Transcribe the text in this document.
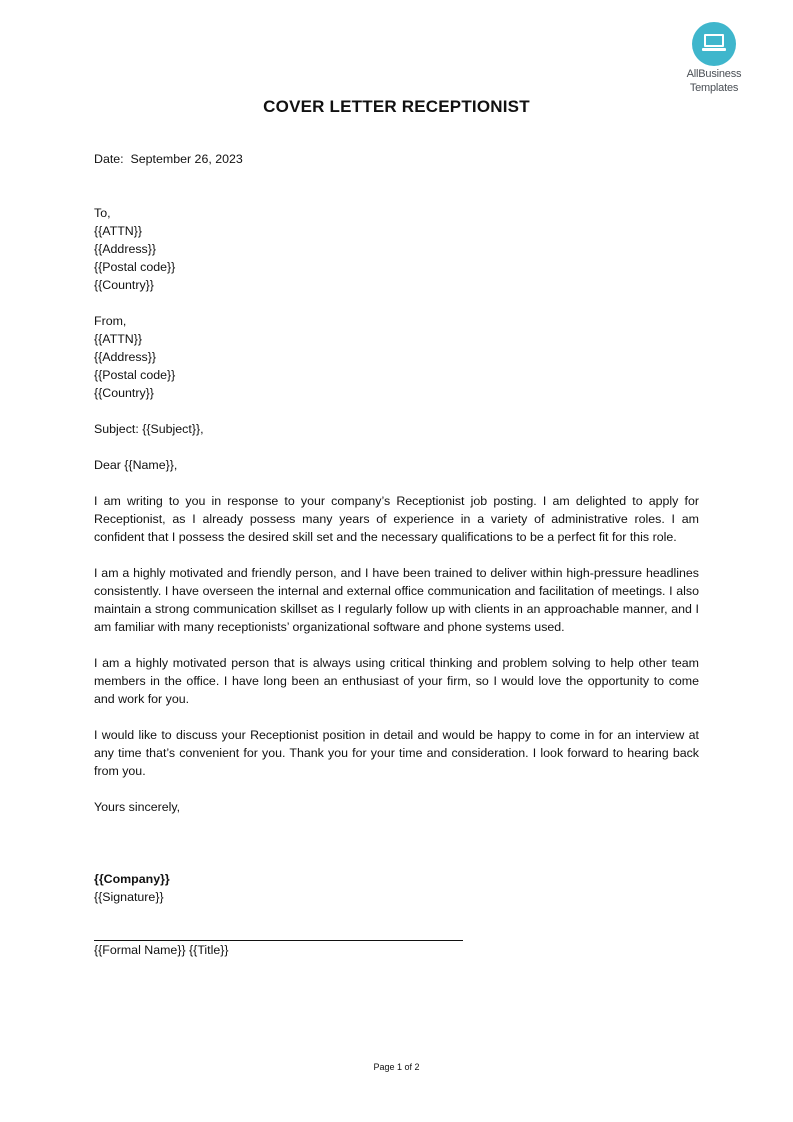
AllBusiness
Templates
COVER LETTER RECEPTIONIST
Date:  September 26, 2023
To,
{{ATTN}}
{{Address}}
{{Postal code}}
{{Country}}
From,
{{ATTN}}
{{Address}}
{{Postal code}}
{{Country}}
Subject: {{Subject}},
Dear {{Name}},
I am writing to you in response to your company’s Receptionist job posting. I am delighted to apply for Receptionist, as I already possess many years of experience in a variety of administrative roles. I am confident that I possess the desired skill set and the necessary qualifications to be a perfect fit for this role.
I am a highly motivated and friendly person, and I have been trained to deliver within high-pressure headlines consistently. I have overseen the internal and external office communication and facilitation of meetings. I also maintain a strong communication skillset as I regularly follow up with clients in an approachable manner, and I am familiar with many receptionists’ organizational software and phone systems used.
I am a highly motivated person that is always using critical thinking and problem solving to help other team members in the office. I have long been an enthusiast of your firm, so I would love the opportunity to come and work for you.
I would like to discuss your Receptionist position in detail and would be happy to come in for an interview at any time that’s convenient for you. Thank you for your time and consideration. I look forward to hearing back from you.
Yours sincerely,
{{Company}}
{{Signature}}
{{Formal Name}} {{Title}}
Page 1 of 2
